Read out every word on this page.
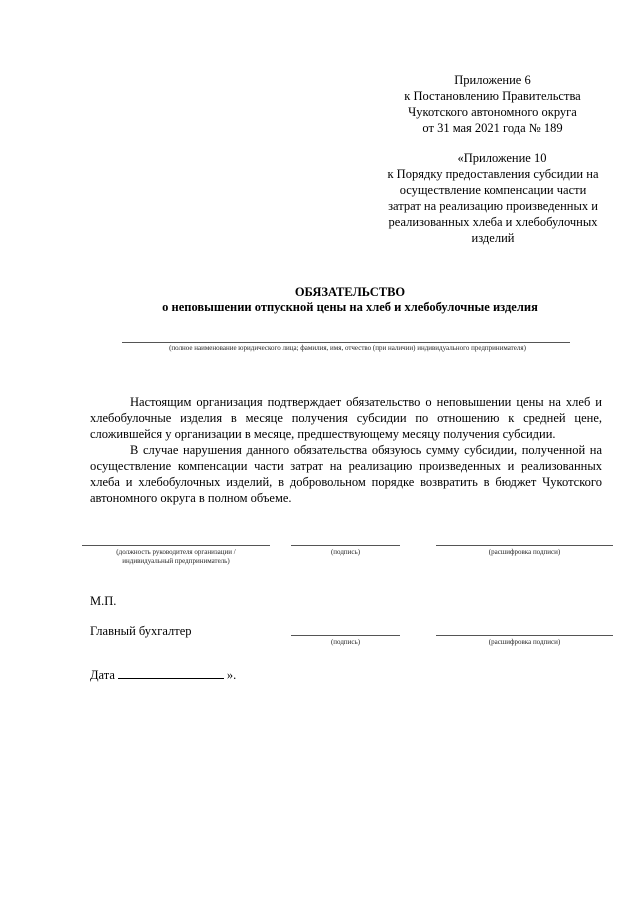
Приложение 6
к Постановлению Правительства
Чукотского автономного округа
от 31 мая 2021 года № 189
«Приложение 10
к Порядку предоставления субсидии на
осуществление компенсации части
затрат на реализацию произведенных и
реализованных хлеба и хлебобулочных
изделий
ОБЯЗАТЕЛЬСТВО
о неповышении отпускной цены на хлеб и хлебобулочные изделия
(полное наименование юридического лица; фамилия, имя, отчество (при наличии) индивидуального предпринимателя)

Настоящим организация подтверждает обязательство о неповышении цены на хлеб и хлебобулочные изделия в месяце получения субсидии по отношению к средней цене, сложившейся у организации в месяце, предшествующему месяцу получения субсидии.

В случае нарушения данного обязательства обязуюсь сумму субсидии, полученной на осуществление компенсации части затрат на реализацию произведенных и реализованных хлеба и хлебобулочных изделий, в добровольном порядке возвратить в бюджет Чукотского автономного округа в полном объеме.

(должность руководителя организации /
индивидуальный предприниматель)
(подпись)	(расшифровка подписи)
М.П.
Главный бухгалтер
(подпись)	(расшифровка подписи)
Дата	».
